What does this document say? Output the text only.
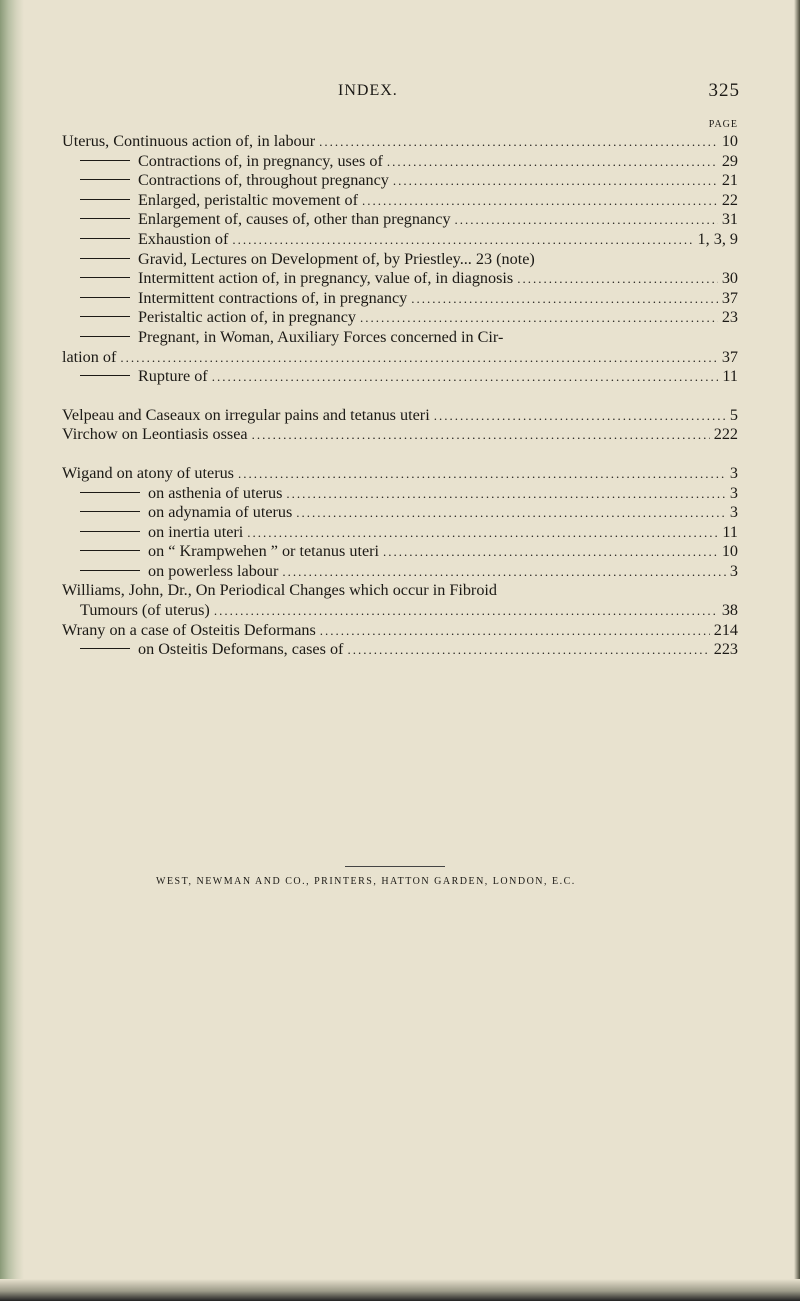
INDEX.	325
PAGE
Uterus, Continuous action of, in labour .....	10
Contractions of, in pregnancy, uses of .....	29
Contractions of, throughout pregnancy .....	21
Enlarged, peristaltic movement of .....	22
Enlargement of, causes of, other than pregnancy .....	31
Exhaustion of .....	1, 3, 9
Gravid, Lectures on Development of, by Priestley... 23 (note)
Intermittent action of, in pregnancy, value of, in diagnosis .....	30
Intermittent contractions of, in pregnancy .....	37
Peristaltic action of, in pregnancy .....	23
Pregnant, in Woman, Auxiliary Forces concerned in Cir-
lation of .....	37
Rupture of .....	11
Velpeau and Caseaux on irregular pains and tetanus uteri .....	5
Virchow on Leontiasis ossea .....	222
Wigand on atony of uterus .....	3
on asthenia of uterus .....	3
on adynamia of uterus .....	3
on inertia uteri .....	11
on “ Krampwehen ” or tetanus uteri .....	10
on powerless labour .....	3
Williams, John, Dr., On Periodical Changes which occur in Fibroid
Tumours (of uterus) .....	38
Wrany on a case of Osteitis Deformans .....	214
on Osteitis Deformans, cases of .....	223
WEST, NEWMAN AND CO., PRINTERS, HATTON GARDEN, LONDON, E.C.
